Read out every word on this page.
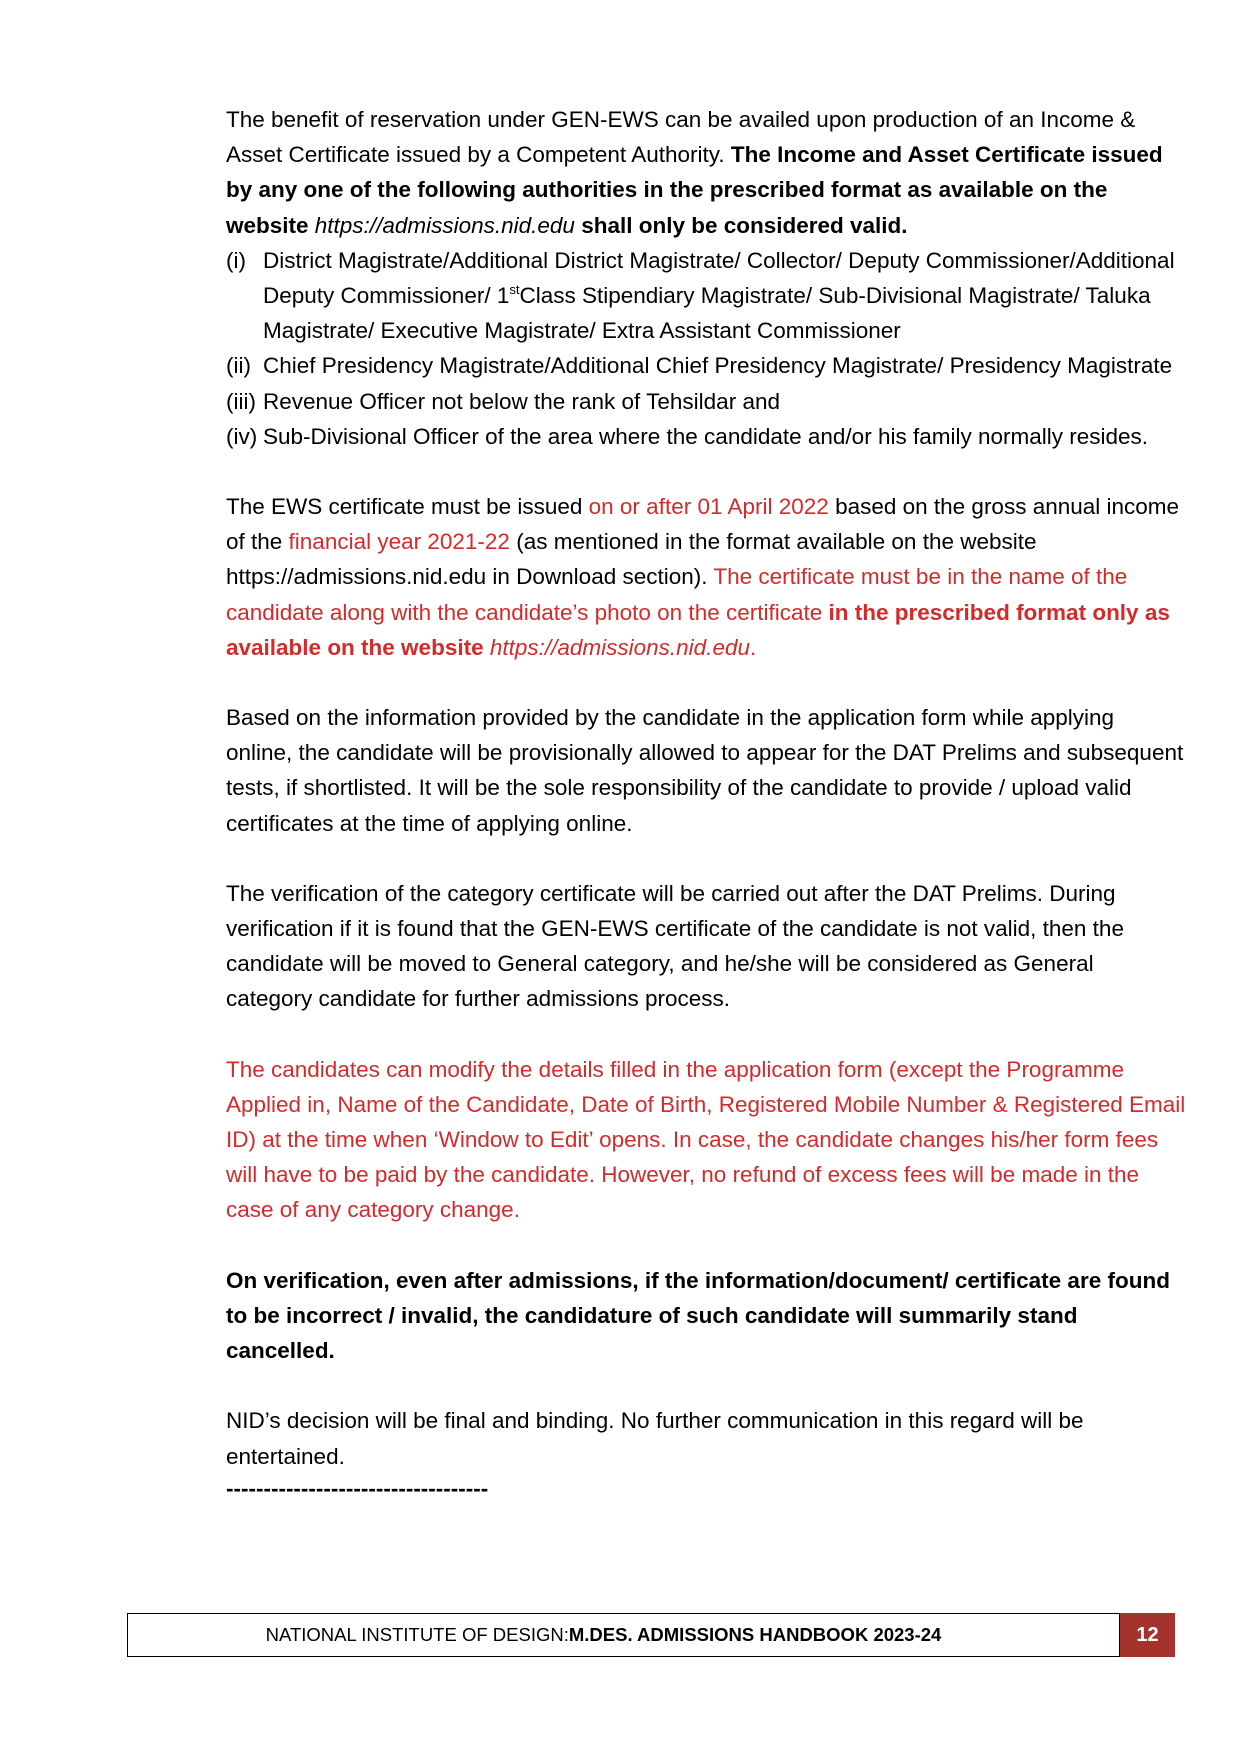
The benefit of reservation under GEN-EWS can be availed upon production of an Income & Asset Certificate issued by a Competent Authority. The Income and Asset Certificate issued by any one of the following authorities in the prescribed format as available on the website https://admissions.nid.edu shall only be considered valid.

(i) District Magistrate/Additional District Magistrate/ Collector/ Deputy Commissioner/Additional Deputy Commissioner/ 1stClass Stipendiary Magistrate/ Sub-Divisional Magistrate/ Taluka Magistrate/ Executive Magistrate/ Extra Assistant Commissioner
(ii) Chief Presidency Magistrate/Additional Chief Presidency Magistrate/ Presidency Magistrate
(iii) Revenue Officer not below the rank of Tehsildar and
(iv) Sub-Divisional Officer of the area where the candidate and/or his family normally resides.

The EWS certificate must be issued on or after 01 April 2022 based on the gross annual income of the financial year 2021-22 (as mentioned in the format available on the website https://admissions.nid.edu in Download section). The certificate must be in the name of the candidate along with the candidate’s photo on the certificate in the prescribed format only as available on the website https://admissions.nid.edu.

Based on the information provided by the candidate in the application form while applying online, the candidate will be provisionally allowed to appear for the DAT Prelims and subsequent tests, if shortlisted. It will be the sole responsibility of the candidate to provide / upload valid certificates at the time of applying online.

The verification of the category certificate will be carried out after the DAT Prelims. During verification if it is found that the GEN-EWS certificate of the candidate is not valid, then the candidate will be moved to General category, and he/she will be considered as General category candidate for further admissions process.

The candidates can modify the details filled in the application form (except the Programme Applied in, Name of the Candidate, Date of Birth, Registered Mobile Number & Registered Email ID) at the time when ‘Window to Edit’ opens. In case, the candidate changes his/her form fees will have to be paid by the candidate. However, no refund of excess fees will be made in the case of any category change.

On verification, even after admissions, if the information/document/ certificate are found to be incorrect / invalid, the candidature of such candidate will summarily stand cancelled.

NID’s decision will be final and binding. No further communication in this regard will be entertained.

-----------------------------------
NATIONAL INSTITUTE OF DESIGN: M.DES. ADMISSIONS HANDBOOK 2023-24	12
